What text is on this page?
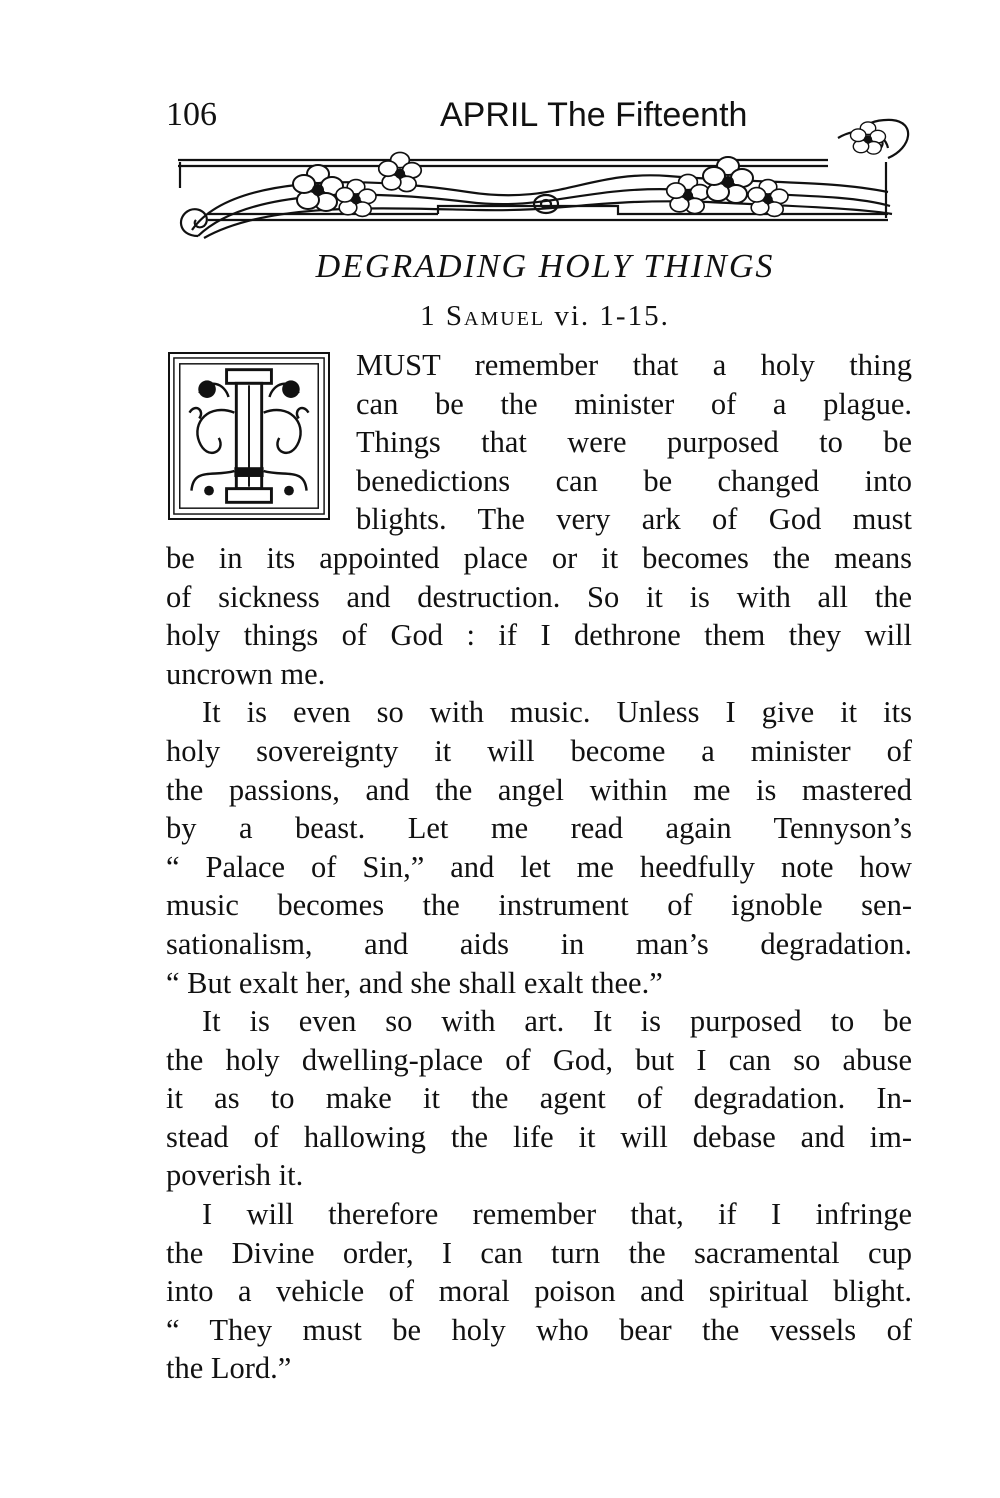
106	APRIL The Fifteenth
DEGRADING HOLY THINGS
1 Samuel vi. 1-15.

MUST remember that a holy thing
can be the minister of a plague.
Things that were purposed to be
benedictions can be changed into
blights. The very ark of God must
be in its appointed place or it becomes the means
of sickness and destruction. So it is with all the
holy things of God : if I dethrone them they will
uncrown me.

It is even so with music. Unless I give it its
holy sovereignty it will become a minister of
the passions, and the angel within me is mastered
by a beast. Let me read again Tennyson’s
“ Palace of Sin,” and let me heedfully note how
music becomes the instrument of ignoble sen-
sationalism, and aids in man’s degradation.
“ But exalt her, and she shall exalt thee.”

It is even so with art. It is purposed to be
the holy dwelling-place of God, but I can so abuse
it as to make it the agent of degradation. In-
stead of hallowing the life it will debase and im-
poverish it.

I will therefore remember that, if I infringe
the Divine order, I can turn the sacramental cup
into a vehicle of moral poison and spiritual blight.
“ They must be holy who bear the vessels of
the Lord.”
